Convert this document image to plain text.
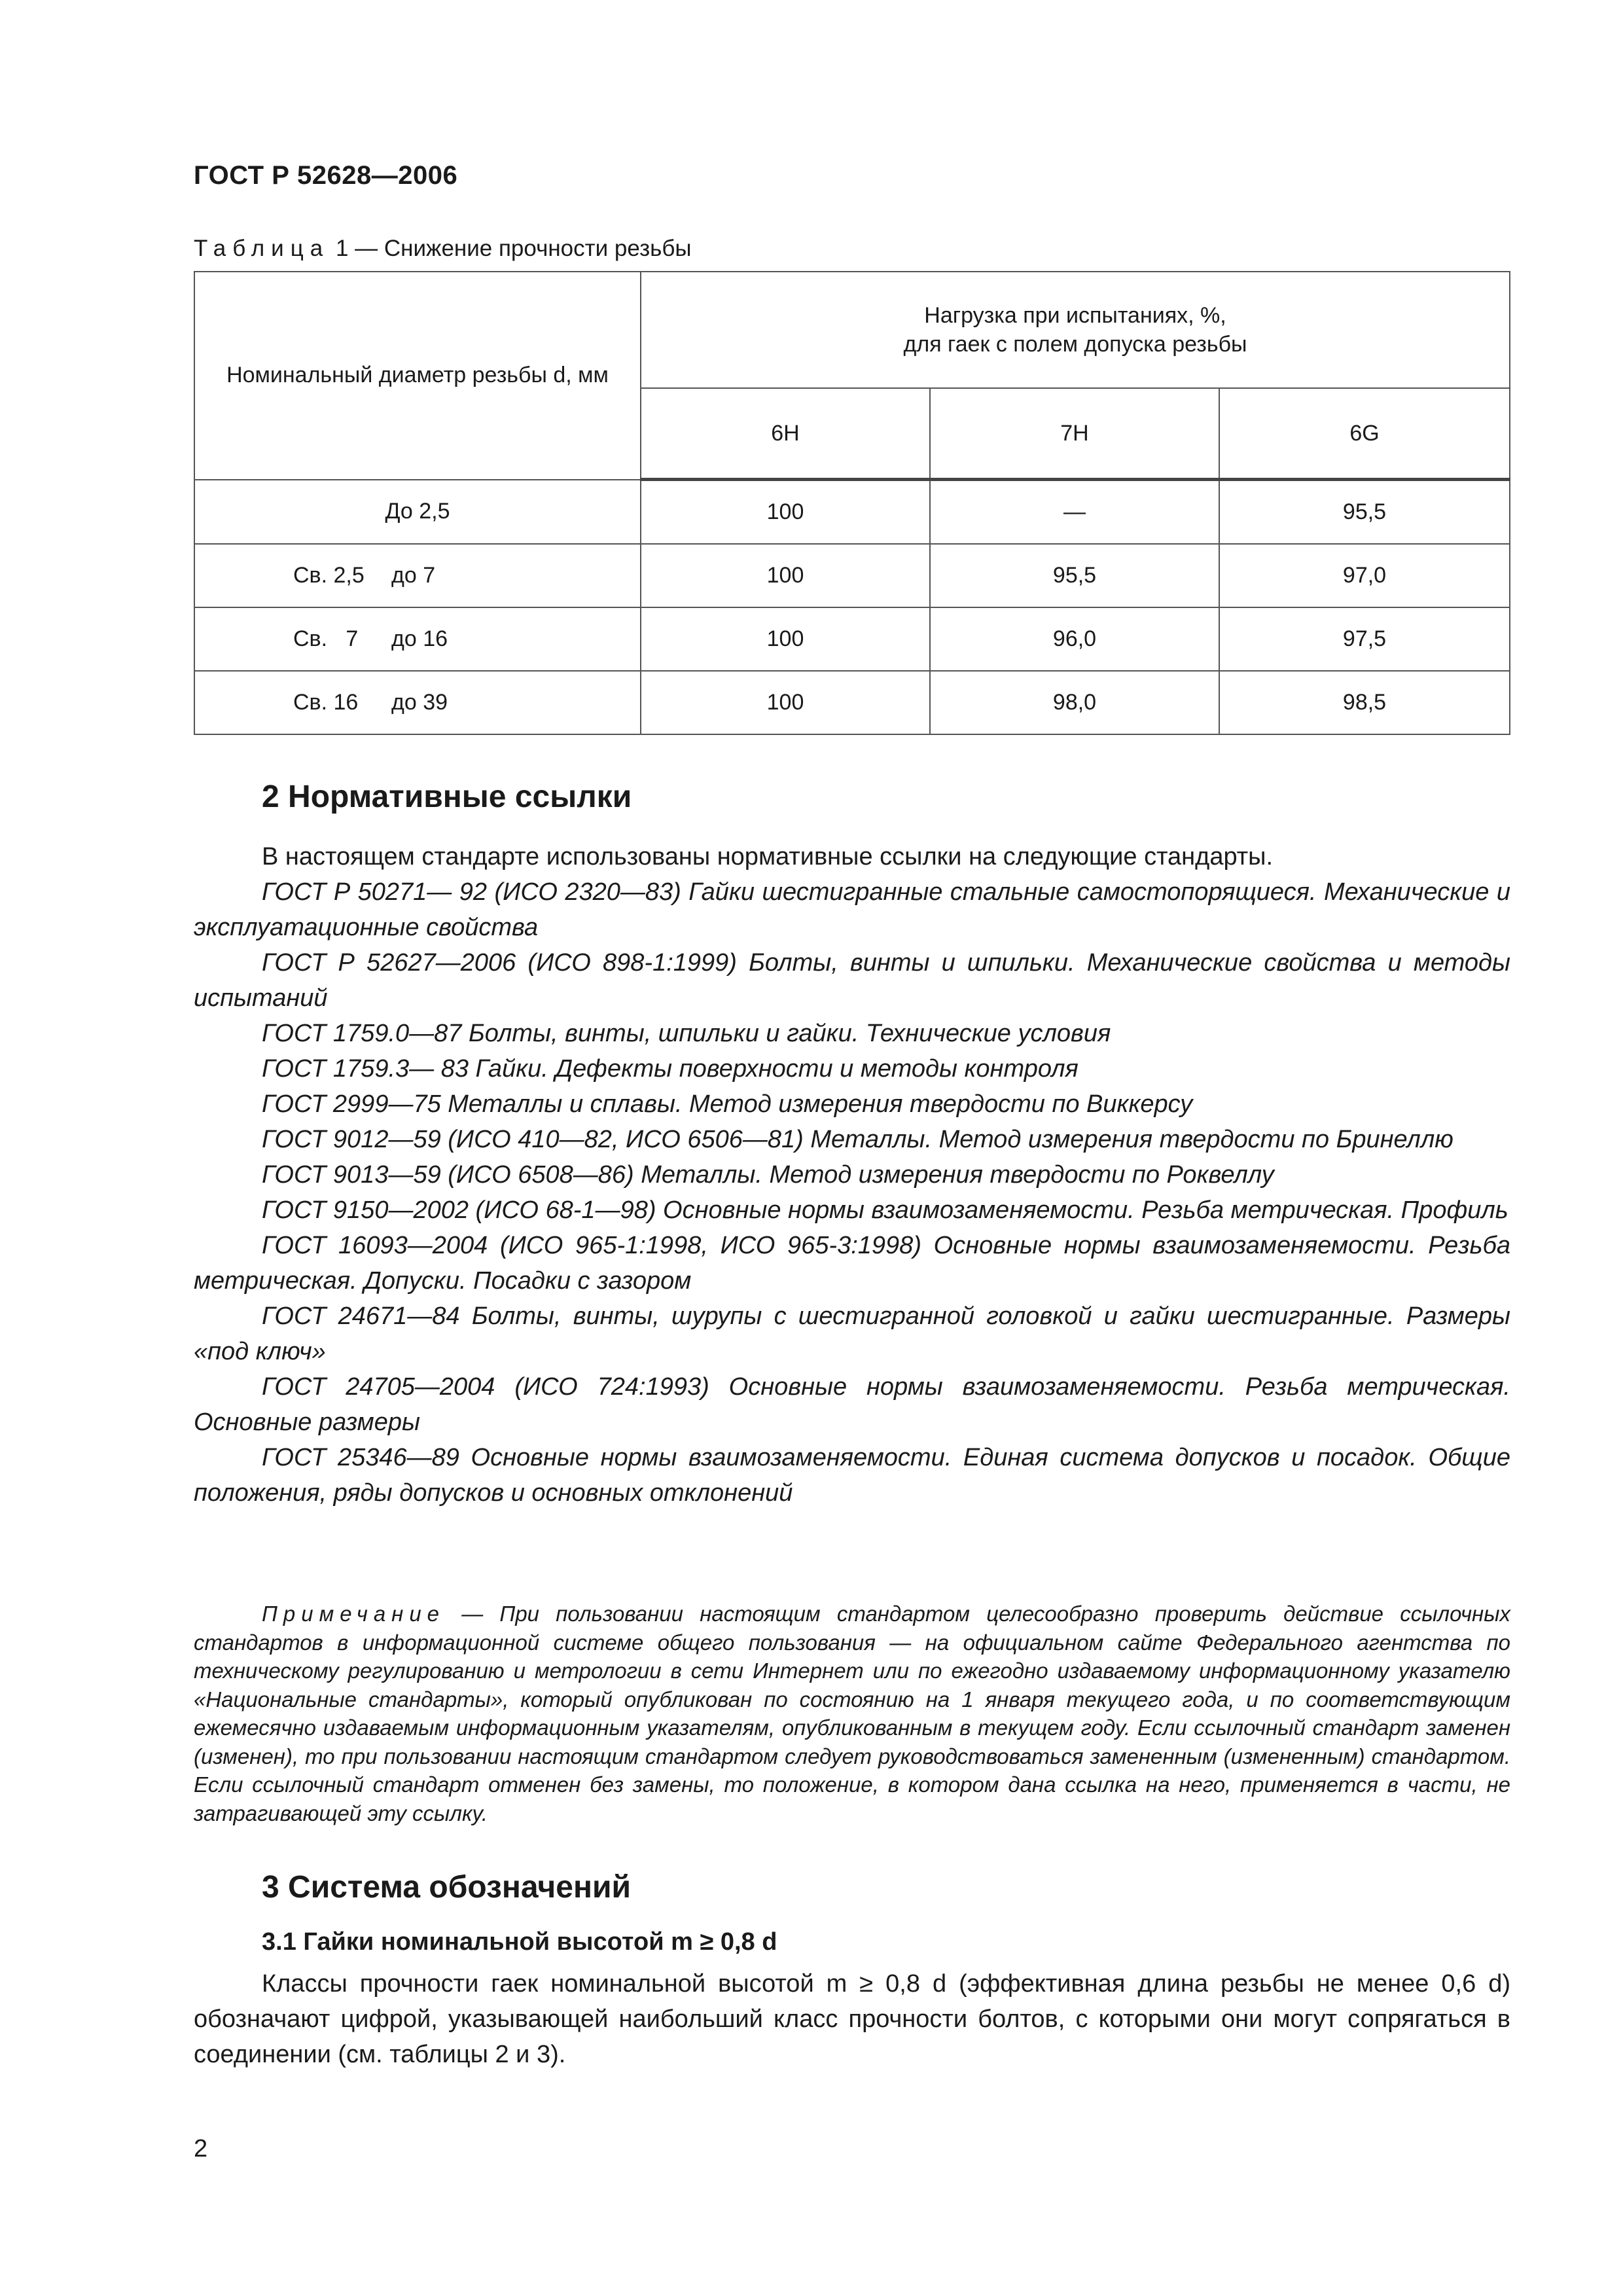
ГОСТ Р 52628—2006
Таблица 1 — Снижение прочности резьбы
Номинальный диаметр резьбы d, мм	Нагрузка при испытаниях, %,
для гаек с полем допуска резьбы		

	6H	7H	6G
До 2,5	100	—	95,5

Св. 2,5 до 7	100	95,5	97,0

Св.   7 до 16	100	96,0	97,5

Св. 16 до 39	100	98,0	98,5
2 Нормативные ссылки

В настоящем стандарте использованы нормативные ссылки на следующие стандарты.

ГОСТ Р 50271— 92 (ИСО 2320—83) Гайки шестигранные стальные самостопорящиеся. Механические и эксплуатационные свойства

ГОСТ Р 52627—2006 (ИСО 898-1:1999) Болты, винты и шпильки. Механические свойства и методы испытаний

ГОСТ 1759.0—87 Болты, винты, шпильки и гайки. Технические условия

ГОСТ 1759.3— 83 Гайки. Дефекты поверхности и методы контроля

ГОСТ 2999—75 Металлы и сплавы. Метод измерения твердости по Виккерсу

ГОСТ 9012—59 (ИСО 410—82, ИСО 6506—81) Металлы. Метод измерения твердости по Бринеллю

ГОСТ 9013—59 (ИСО 6508—86) Металлы. Метод измерения твердости по Роквеллу

ГОСТ 9150—2002 (ИСО 68-1—98) Основные нормы взаимозаменяемости. Резьба метрическая. Профиль

ГОСТ 16093—2004 (ИСО 965-1:1998, ИСО 965-3:1998) Основные нормы взаимозаменяемости. Резьба метрическая. Допуски. Посадки с зазором

ГОСТ 24671—84 Болты, винты, шурупы с шестигранной головкой и гайки шестигранные. Размеры «под ключ»

ГОСТ 24705—2004 (ИСО 724:1993) Основные нормы взаимозаменяемости. Резьба метрическая. Основные размеры

ГОСТ 25346—89 Основные нормы взаимозаменяемости. Единая система допусков и посадок. Общие положения, ряды допусков и основных отклонений

Примечание — При пользовании настоящим стандартом целесообразно проверить действие ссылочных стандартов в информационной системе общего пользования — на официальном сайте Федерального агентства по техническому регулированию и метрологии в сети Интернет или по ежегодно издаваемому информационному указателю «Национальные стандарты», который опубликован по состоянию на 1 января текущего года, и по соответствующим ежемесячно издаваемым информационным указателям, опубликованным в текущем году. Если ссылочный стандарт заменен (изменен), то при пользовании настоящим стандартом следует руководствоваться замененным (измененным) стандартом. Если ссылочный стандарт отменен без замены, то положение, в котором дана ссылка на него, применяется в части, не затрагивающей эту ссылку.
3 Система обозначений
3.1 Гайки номинальной высотой m ≥ 0,8 d

Классы прочности гаек номинальной высотой m ≥ 0,8 d (эффективная длина резьбы не менее 0,6 d) обозначают цифрой, указывающей наибольший класс прочности болтов, с которыми они могут сопрягаться в соединении (см. таблицы 2 и 3).

2
